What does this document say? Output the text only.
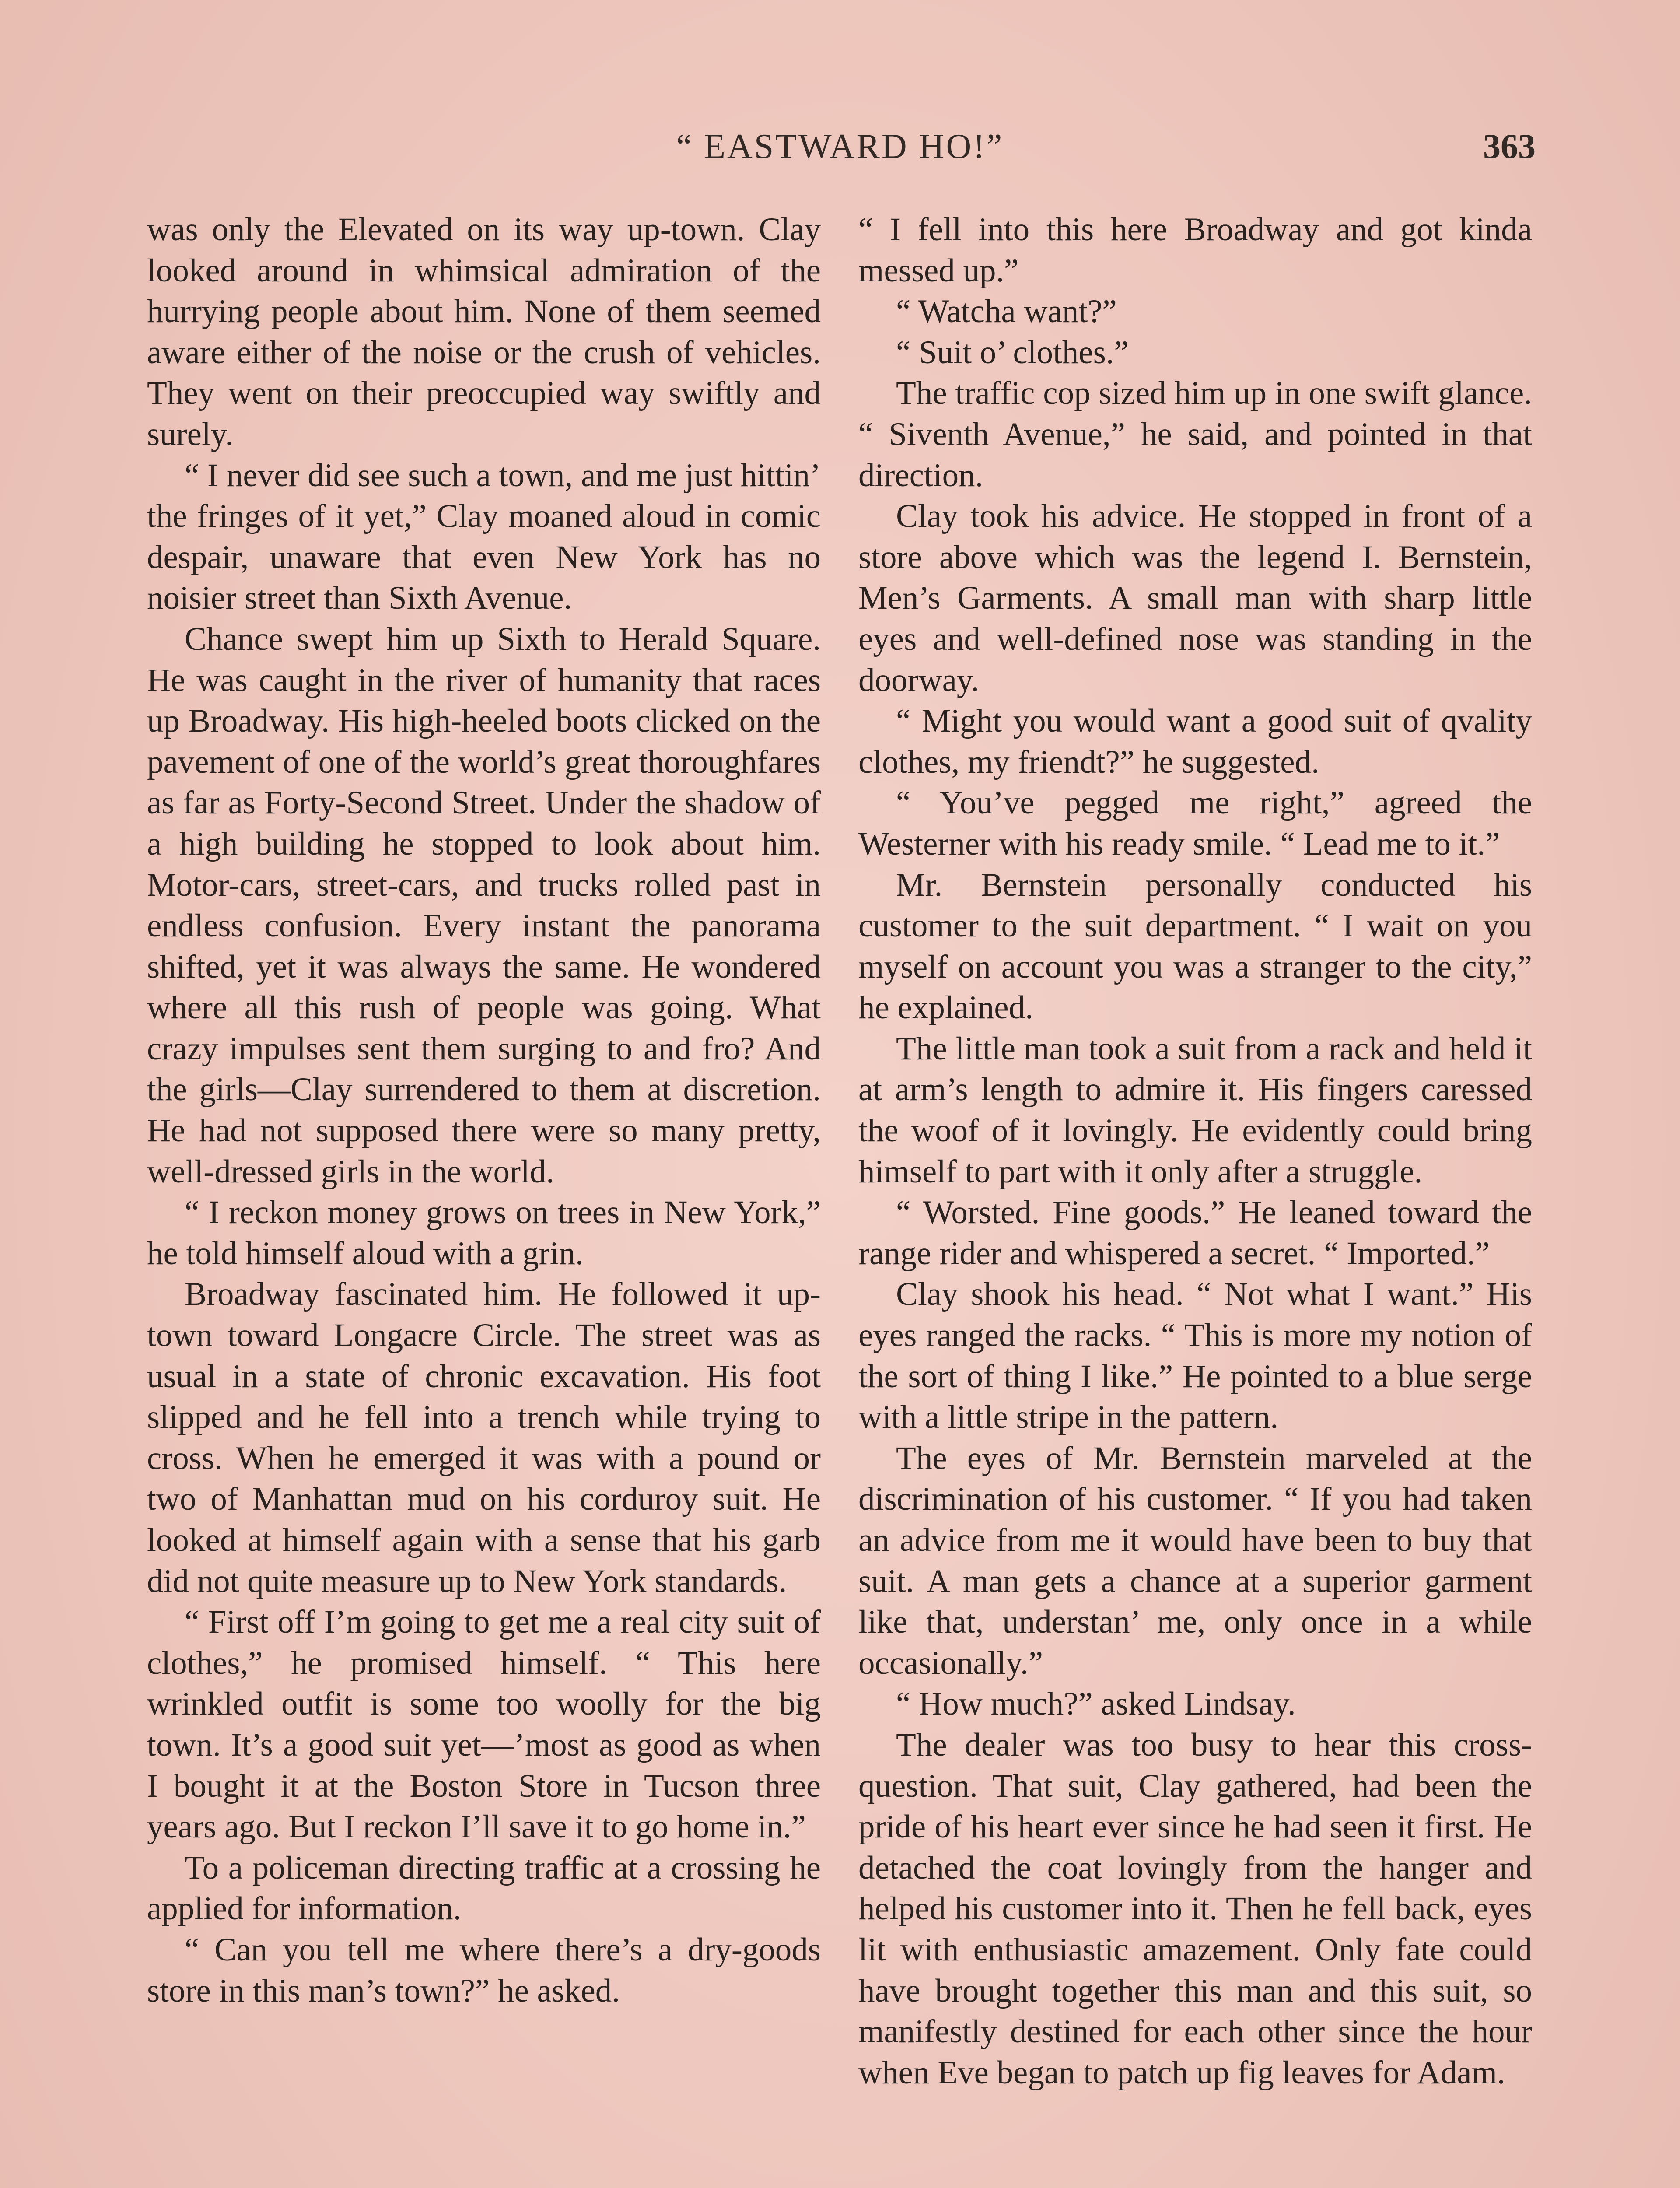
“ EASTWARD HO!”	363

was only the Elevated on its way up-town. Clay looked around in whimsical admiration of the hurrying people about him. None of them seemed aware either of the noise or the crush of vehicles. They went on their preoccupied way swiftly and surely.

“ I never did see such a town, and me just hittin’ the fringes of it yet,” Clay moaned aloud in comic despair, unaware that even New York has no noisier street than Sixth Avenue.

Chance swept him up Sixth to Herald Square. He was caught in the river of humanity that races up Broadway. His high-heeled boots clicked on the pavement of one of the world’s great thoroughfares as far as Forty-Second Street. Under the shadow of a high building he stopped to look about him. Motor-cars, street-cars, and trucks rolled past in endless confusion. Every instant the panorama shifted, yet it was always the same. He wondered where all this rush of people was going. What crazy impulses sent them surging to and fro? And the girls—Clay surrendered to them at discretion. He had not supposed there were so many pretty, well-dressed girls in the world.

“ I reckon money grows on trees in New York,” he told himself aloud with a grin.

Broadway fascinated him. He followed it up-town toward Longacre Circle. The street was as usual in a state of chronic excavation. His foot slipped and he fell into a trench while trying to cross. When he emerged it was with a pound or two of Manhattan mud on his corduroy suit. He looked at himself again with a sense that his garb did not quite measure up to New York standards.

“ First off I’m going to get me a real city suit of clothes,” he promised himself. “ This here wrinkled outfit is some too woolly for the big town. It’s a good suit yet—’most as good as when I bought it at the Boston Store in Tucson three years ago. But I reckon I’ll save it to go home in.”

To a policeman directing traffic at a crossing he applied for information.

“ Can you tell me where there’s a dry-goods store in this man’s town?” he asked.

“ I fell into this here Broadway and got kinda messed up.”

“ Watcha want?”

“ Suit o’ clothes.”

The traffic cop sized him up in one swift glance. “ Siventh Avenue,” he said, and pointed in that direction.

Clay took his advice. He stopped in front of a store above which was the legend I. Bernstein, Men’s Garments. A small man with sharp little eyes and well-defined nose was standing in the doorway.

“ Might you would want a good suit of qvality clothes, my friendt?” he suggested.

“ You’ve pegged me right,” agreed the Westerner with his ready smile. “ Lead me to it.”

Mr. Bernstein personally conducted his customer to the suit department. “ I wait on you myself on account you was a stranger to the city,” he explained.

The little man took a suit from a rack and held it at arm’s length to admire it. His fingers caressed the woof of it lovingly. He evidently could bring himself to part with it only after a struggle.

“ Worsted. Fine goods.” He leaned toward the range rider and whispered a secret. “ Imported.”

Clay shook his head. “ Not what I want.” His eyes ranged the racks. “ This is more my notion of the sort of thing I like.” He pointed to a blue serge with a little stripe in the pattern.

The eyes of Mr. Bernstein marveled at the discrimination of his customer. “ If you had taken an advice from me it would have been to buy that suit. A man gets a chance at a superior garment like that, understan’ me, only once in a while occasionally.”

“ How much?” asked Lindsay.

The dealer was too busy to hear this cross-question. That suit, Clay gathered, had been the pride of his heart ever since he had seen it first. He detached the coat lovingly from the hanger and helped his customer into it. Then he fell back, eyes lit with enthusiastic amazement. Only fate could have brought together this man and this suit, so manifestly destined for each other since the hour when Eve began to patch up fig leaves for Adam.
